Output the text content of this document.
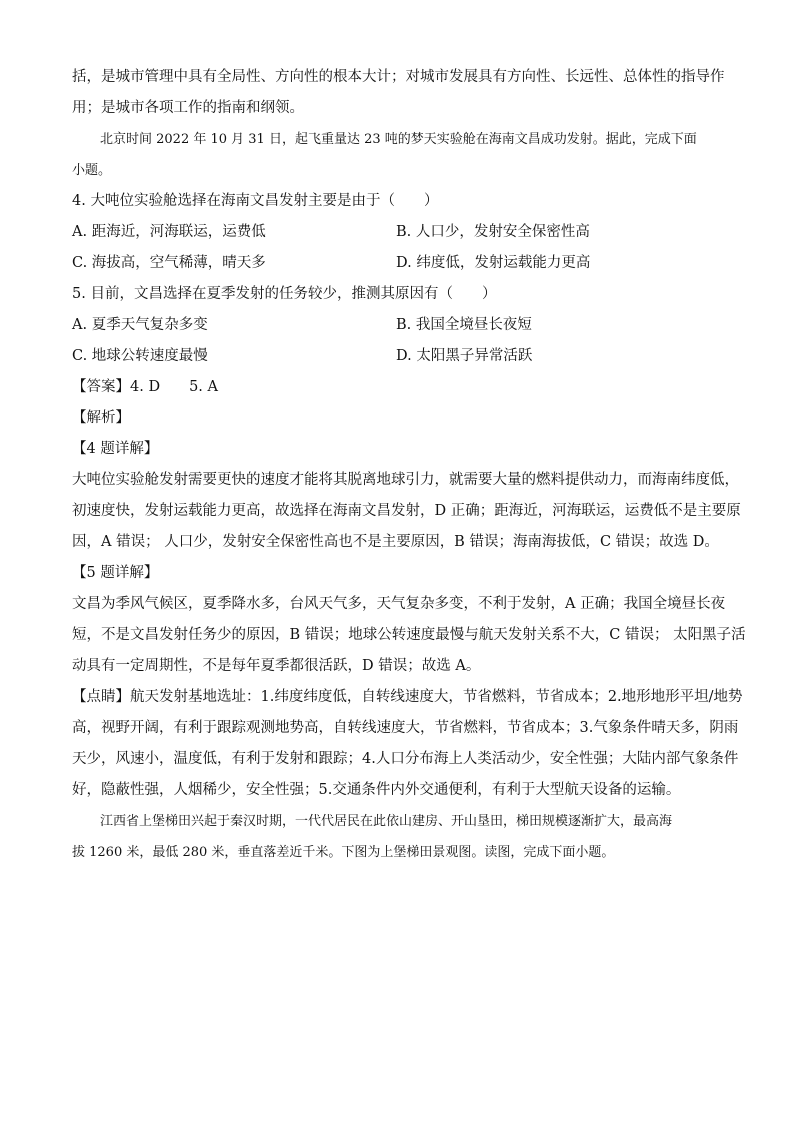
括，是城市管理中具有全局性、方向性的根本大计；对城市发展具有方向性、长远性、总体性的指导作
用；是城市各项工作的指南和纲领。
北京时间 2022 年 10 月 31 日，起飞重量达 23 吨的梦天实验舱在海南文昌成功发射。据此，完成下面
小题。
4. 大吨位实验舱选择在海南文昌发射主要是由于（　　）
A. 距海近，河海联运，运费低	B. 人口少，发射安全保密性高
C. 海拔高，空气稀薄，晴天多	D. 纬度低，发射运载能力更高
5. 目前，文昌选择在夏季发射的任务较少，推测其原因有（　　）
A. 夏季天气复杂多变	B. 我国全境昼长夜短
C. 地球公转速度最慢	D. 太阳黑子异常活跃
【答案】4. D　　5. A
【解析】
【4 题详解】
大吨位实验舱发射需要更快的速度才能将其脱离地球引力，就需要大量的燃料提供动力，而海南纬度低，
初速度快，发射运载能力更高，故选择在海南文昌发射，D 正确；距海近，河海联运，运费低不是主要原
因，A 错误； 人口少，发射安全保密性高也不是主要原因，B 错误；海南海拔低，C 错误；故选 D。
【5 题详解】
文昌为季风气候区，夏季降水多，台风天气多，天气复杂多变，不利于发射，A 正确；我国全境昼长夜
短，不是文昌发射任务少的原因，B 错误；地球公转速度最慢与航天发射关系不大，C 错误； 太阳黑子活
动具有一定周期性，不是每年夏季都很活跃，D 错误；故选 A。
【点睛】航天发射基地选址：1.纬度纬度低，自转线速度大，节省燃料，节省成本；2.地形地形平坦/地势
高，视野开阔，有利于跟踪观测地势高，自转线速度大，节省燃料，节省成本；3.气象条件晴天多，阴雨
天少，风速小，温度低，有利于发射和跟踪；4.人口分布海上人类活动少，安全性强；大陆内部气象条件
好，隐蔽性强，人烟稀少，安全性强；5.交通条件内外交通便利，有利于大型航天设备的运输。
江西省上堡梯田兴起于秦汉时期，一代代居民在此依山建房、开山垦田，梯田规模逐渐扩大，最高海
拔 1260 米，最低 280 米，垂直落差近千米。下图为上堡梯田景观图。读图，完成下面小题。
